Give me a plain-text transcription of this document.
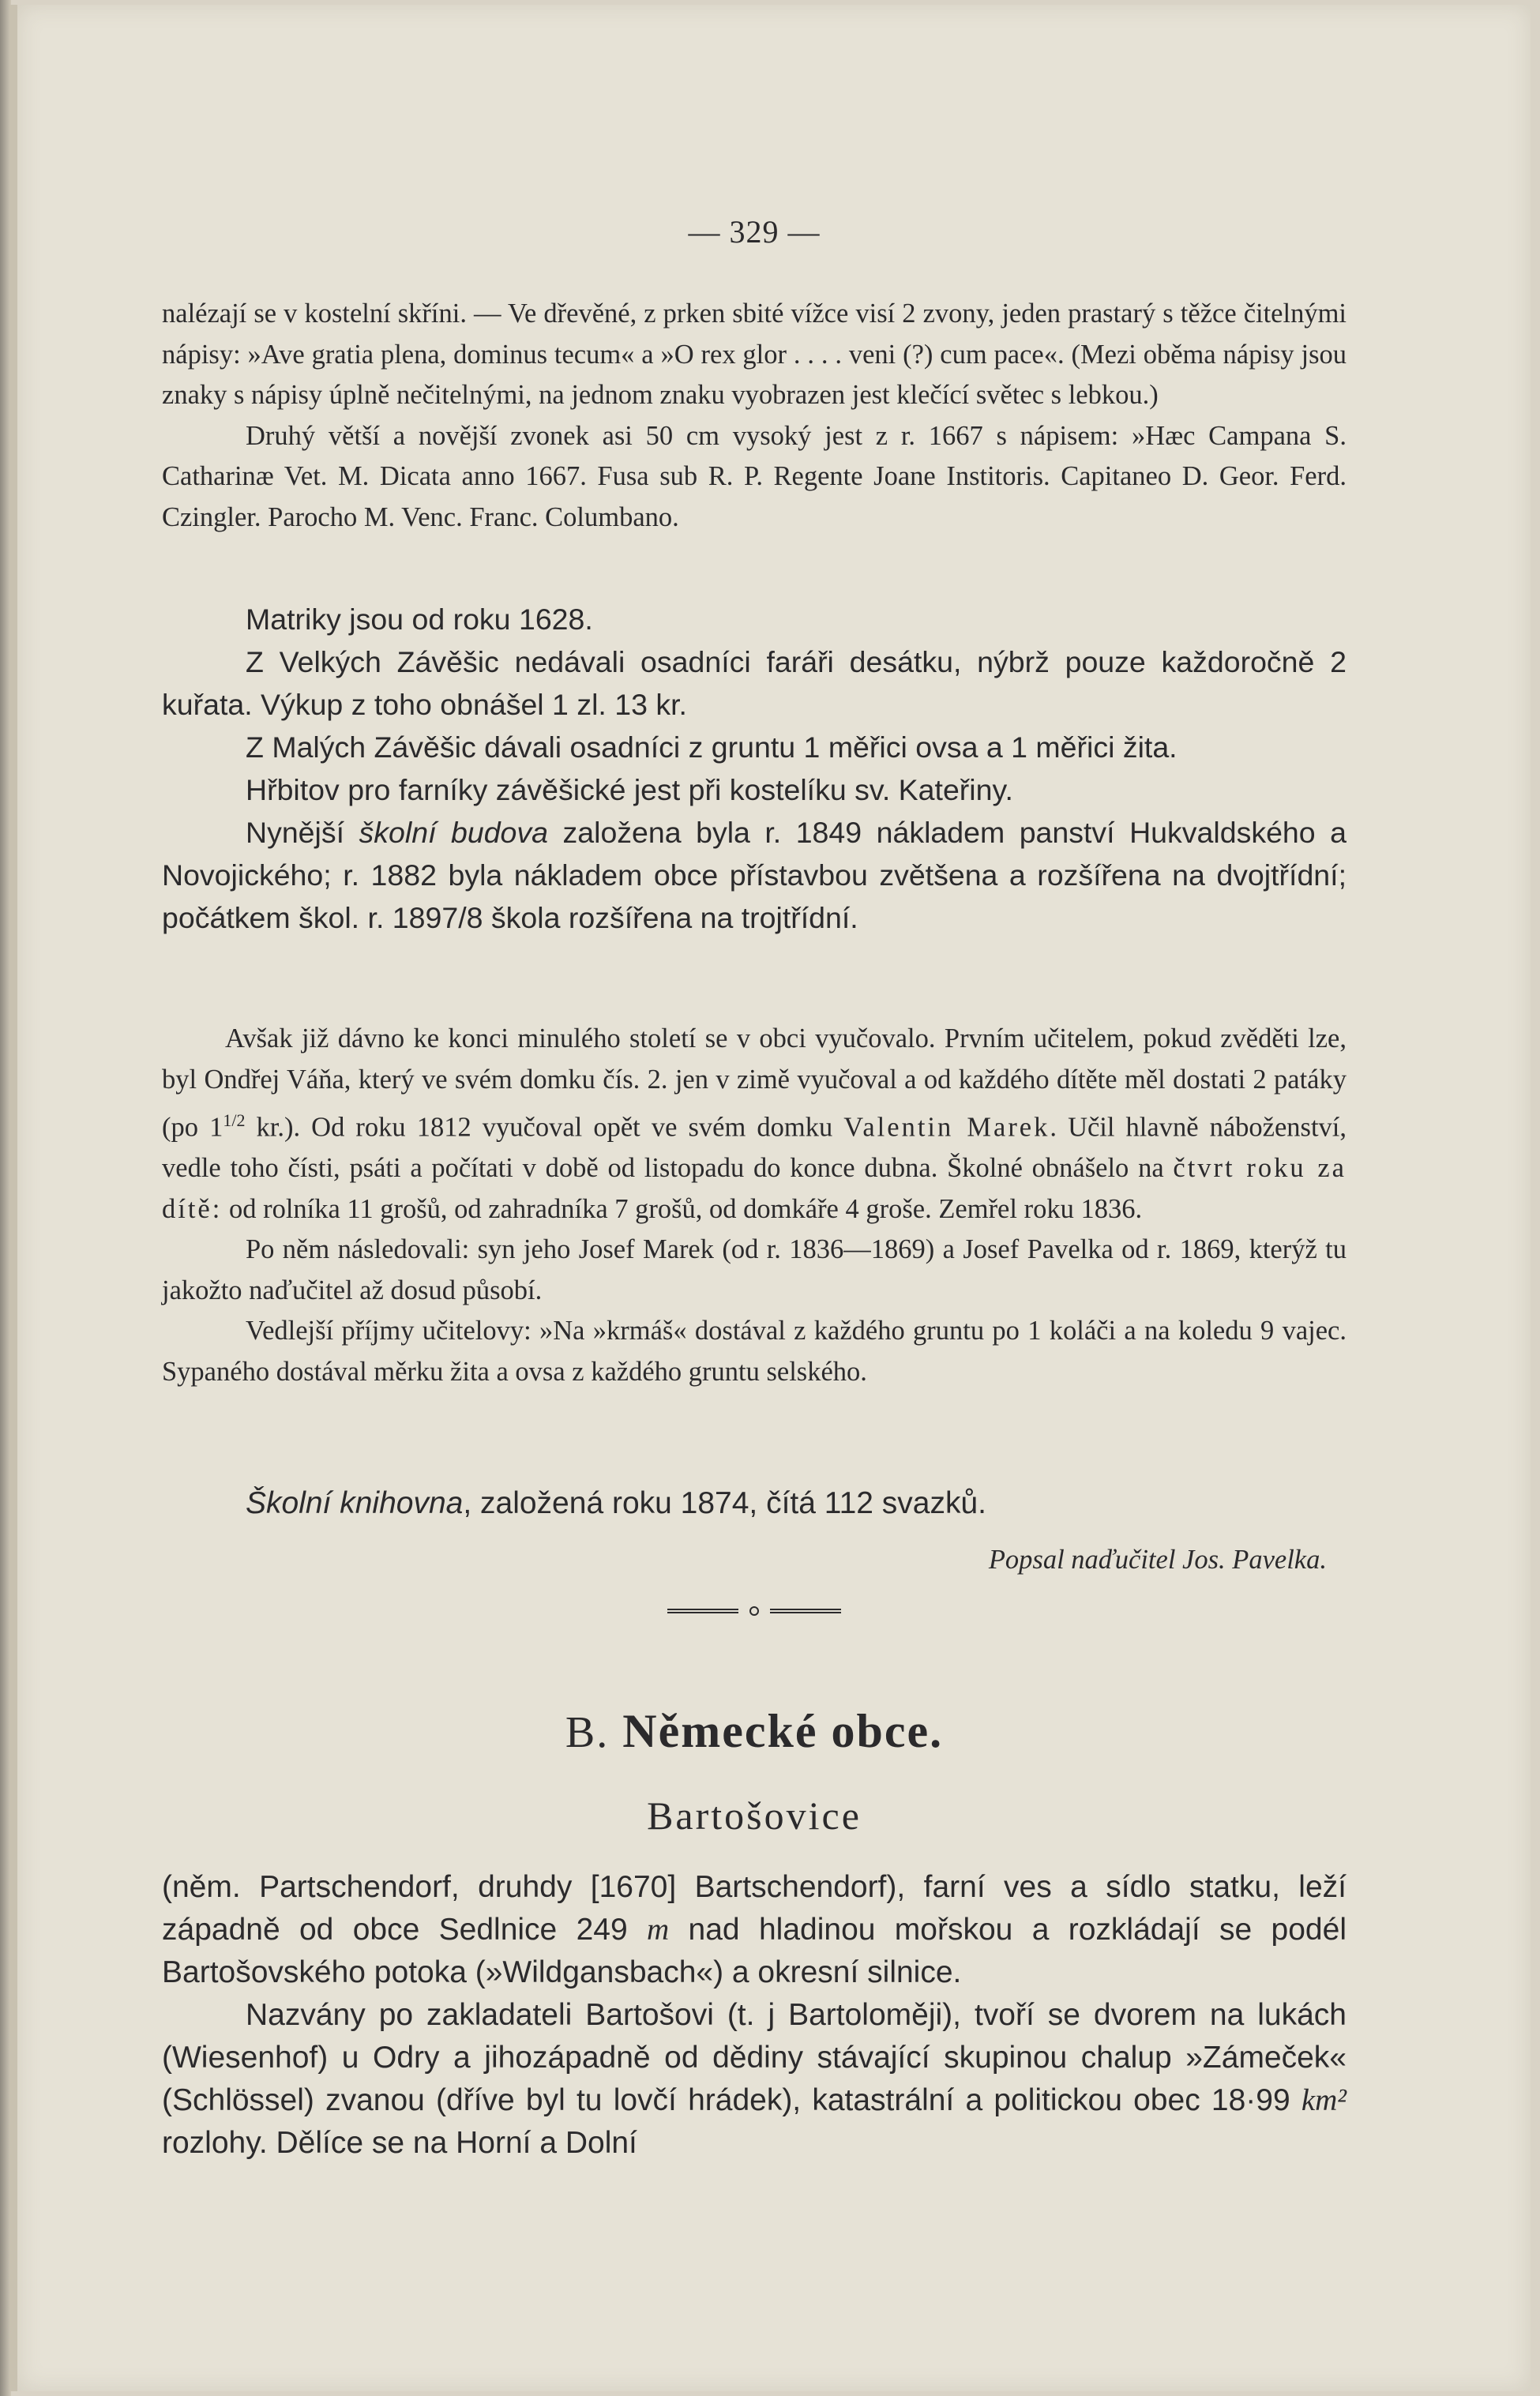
— 329 —

nalézají se v kostelní skříni. — Ve dřevěné, z prken sbité vížce visí 2 zvony, jeden prastarý s těžce čitelnými nápisy: »Ave gratia plena, dominus tecum« a »O rex glor . . . . veni (?) cum pace«. (Mezi oběma nápisy jsou znaky s nápisy úplně nečitelnými, na jednom znaku vyobrazen jest klečící světec s lebkou.)

Druhý větší a novější zvonek asi 50 cm vysoký jest z r. 1667 s nápisem: »Hæc Campana S. Catharinæ Vet. M. Dicata anno 1667. Fusa sub R. P. Regente Joane Institoris. Capitaneo D. Geor. Ferd. Czingler. Parocho M. Venc. Franc. Columbano.

Matriky jsou od roku 1628.

Z Velkých Závěšic nedávali osadníci faráři desátku, nýbrž pouze každoročně 2 kuřata. Výkup z toho obnášel 1 zl. 13 kr.

Z Malých Závěšic dávali osadníci z gruntu 1 měřici ovsa a 1 měřici žita.

Hřbitov pro farníky závěšické jest při kostelíku sv. Kateřiny.

Nynější školní budova založena byla r. 1849 nákladem panství Hukvaldského a Novojického; r. 1882 byla nákladem obce přístavbou zvětšena a rozšířena na dvojtřídní; počátkem škol. r. 1897/8 škola rozšířena na trojtřídní.

Avšak již dávno ke konci minulého století se v obci vyučovalo. Prvním učitelem, pokud zvěděti lze, byl Ondřej Váňa, který ve svém domku čís. 2. jen v zimě vyučoval a od každého dítěte měl dostati 2 patáky (po $1^{1/2}$ kr.). Od roku 1812 vyučoval opět ve svém domku Valentin Marek. Učil hlavně náboženství, vedle toho čísti, psáti a počítati v době od listopadu do konce dubna. Školné obnášelo na čtvrt roku za dítě: od rolníka 11 grošů, od zahradníka 7 grošů, od domkáře 4 groše. Zemřel roku 1836.

Po něm následovali: syn jeho Josef Marek (od r. 1836—1869) a Josef Pavelka od r. 1869, kterýž tu jakožto naďučitel až dosud působí.

Vedlejší příjmy učitelovy: »Na »krmáš« dostával z každého gruntu po 1 koláči a na koledu 9 vajec. Sypaného dostával měrku žita a ovsa z každého gruntu selského.

Školní knihovna, založená roku 1874, čítá 112 svazků.

Popsal naďučitel Jos. Pavelka.

B. Německé obce.
Bartošovice

(něm. Partschendorf, druhdy [1670] Bartschendorf), farní ves a sídlo statku, leží západně od obce Sedlnice 249 m nad hladinou mořskou a rozkládají se podél Bartošovského potoka (»Wildgansbach«) a okresní silnice.

Nazvány po zakladateli Bartošovi (t. j Bartoloměji), tvoří se dvorem na lukách (Wiesenhof) u Odry a jihozápadně od dědiny stávající skupinou chalup »Zámeček« (Schlössel) zvanou (dříve byl tu lovčí hrádek), katastrální a politickou obec 18·99 km² rozlohy. Dělíce se na Horní a Dolní
